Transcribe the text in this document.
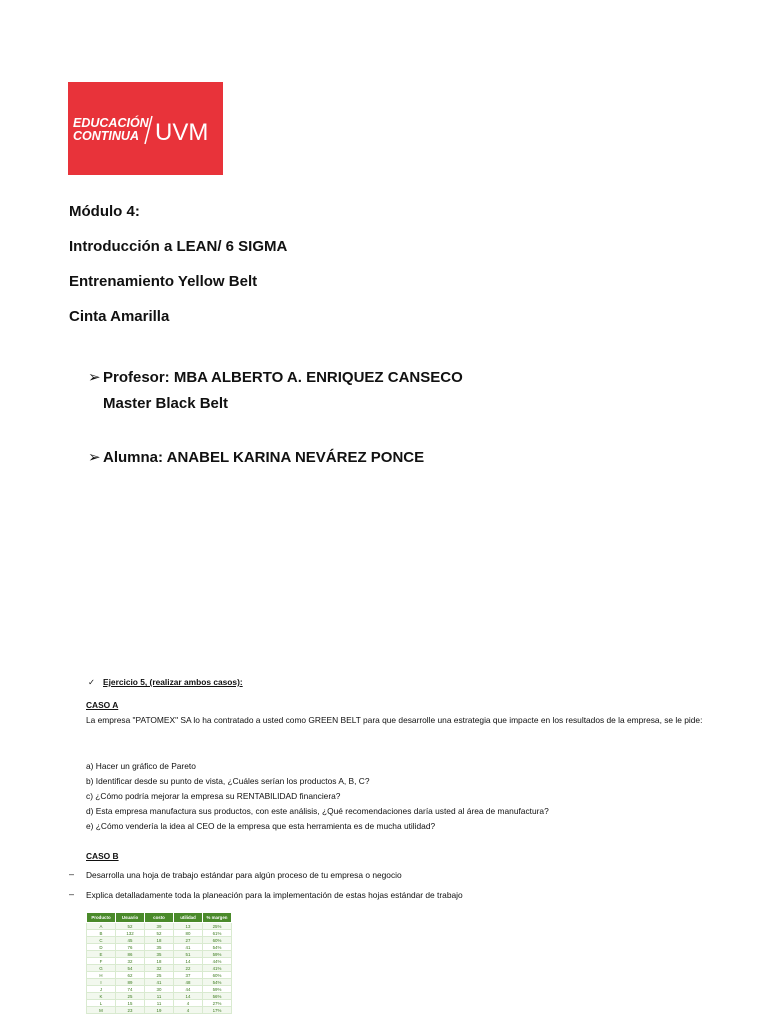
EDUCACIÓN
CONTINUA UVM

Módulo 4:

Introducción a LEAN/ 6 SIGMA

Entrenamiento Yellow Belt

Cinta Amarilla

➢ Profesor: MBA ALBERTO A. ENRIQUEZ CANSECO
Master Black Belt
➢ Alumna: ANABEL KARINA NEVÁREZ PONCE
✓ Ejercicio 5, (realizar ambos casos):
CASO A
La empresa "PATOMEX" SA lo ha contratado a usted como GREEN BELT para que desarrolle una estrategia que impacte en los resultados de la empresa, se le pide:
a) Hacer un gráfico de Pareto
b) Identificar desde su punto de vista, ¿Cuáles serían los productos A, B, C?
c) ¿Cómo podría mejorar la empresa su RENTABILIDAD financiera?
d) Esta empresa manufactura sus productos, con este análisis, ¿Qué recomendaciones daría usted al área de manufactura?
e) ¿Cómo vendería la idea al CEO de la empresa que esta herramienta es de mucha utilidad?
CASO B
– Desarrolla una hoja de trabajo estándar para algún proceso de tu empresa o negocio
– Explica detalladamente toda la planeación para la implementación de estas hojas estándar de trabajo
Producto	Usuario	costo	utilidad	% margen
A	52	39	13	25%
B	132	52	80	61%
C	45	18	27	60%
D	76	35	41	54%
E	86	35	51	59%
F	32	18	14	44%
G	54	32	22	41%
H	62	25	37	60%
I	89	41	48	54%
J	74	30	44	59%
K	25	11	14	56%
L	15	11	4	27%
M	23	19	4	17%
